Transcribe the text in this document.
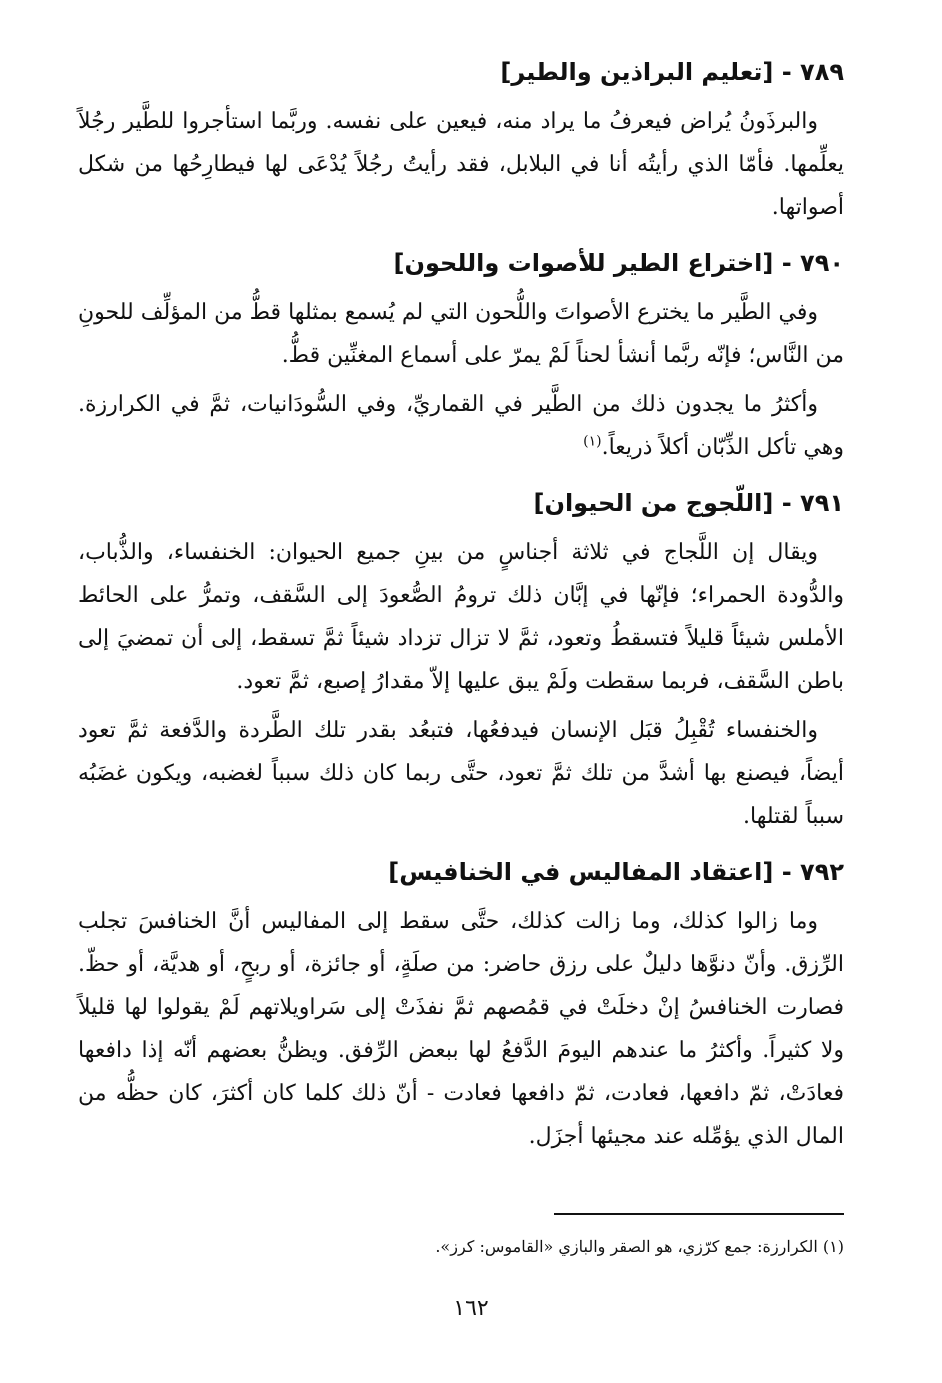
٧٨٩ - [تعليم البراذين والطير]

والبرذَونُ يُراض فيعرفُ ما يراد منه، فيعين على نفسه. وربَّما استأجروا للطَّير رجُلاً يعلِّمها. فأمّا الذي رأيتُه أنا في البلابل، فقد رأيتُ رجُلاً يُدْعَى لها فيطارِحُها من شكل أصواتها.

٧٩٠ - [اختراع الطير للأصوات واللحون]

وفي الطَّير ما يخترع الأصواتَ واللُّحون التي لم يُسمع بمثلها قطُّ من المؤلِّف للحونِ من النَّاس؛ فإنّه ربَّما أنشأ لحناً لَمْ يمرّ على أسماع المغنِّين قطُّ.

وأكثرُ ما يجدون ذلك من الطَّير في القماريِّ، وفي السُّودَانيات، ثمَّ في الكرارزة. وهي تأكل الذِّبّان أكلاً ذريعاً.$^{(١)}$

٧٩١ - [اللّجوج من الحيوان]

ويقال إن اللَّجاج في ثلاثة أجناسٍ من بينِ جميع الحيوان: الخنفساء، والذُّباب، والدُّودة الحمراء؛ فإنّها في إبَّان ذلك ترومُ الصُّعودَ إلى السَّقف، وتمرُّ على الحائط الأملس شيئاً قليلاً فتسقطُ وتعود، ثمَّ لا تزال تزداد شيئاً ثمَّ تسقط، إلى أن تمضيَ إلى باطن السَّقف، فربما سقطت ولَمْ يبق عليها إلاّ مقدارُ إصبع، ثمَّ تعود.

والخنفساء تُقْبِلُ قبَل الإنسان فيدفعُها، فتبعُد بقدر تلك الطَّردة والدَّفعة ثمَّ تعود أيضاً، فيصنع بها أشدَّ من تلك ثمَّ تعود، حتَّى ربما كان ذلك سبباً لغضبه، ويكون غضَبُه سبباً لقتلها.

٧٩٢ - [اعتقاد المفاليس في الخنافيس]

وما زالوا كذلك، وما زالت كذلك، حتَّى سقط إلى المفاليس أنَّ الخنافسَ تجلب الرِّزق. وأنّ دنوَّها دليلٌ على رزق حاضر: من صلَةٍ، أو جائزة، أو ربحٍ، أو هديَّة، أو حظّ. فصارت الخنافسُ إنْ دخلَتْ في قمُصهم ثمَّ نفذَتْ إلى سَراويلاتهم لَمْ يقولوا لها قليلاً ولا كثيراً. وأكثرُ ما عندهم اليومَ الدَّفعُ لها ببعض الرِّفق. ويظنُّ بعضهم أنّه إذا دافعها فعادَتْ، ثمّ دافعها، فعادت، ثمّ دافعها فعادت - أنّ ذلك كلما كان أكثرَ، كان حظُّه من المال الذي يؤمِّله عند مجيئها أجزَل.

(١) الكرارزة: جمع كرّزي، هو الصقر والبازي «القاموس: كرز».
١٦٢
